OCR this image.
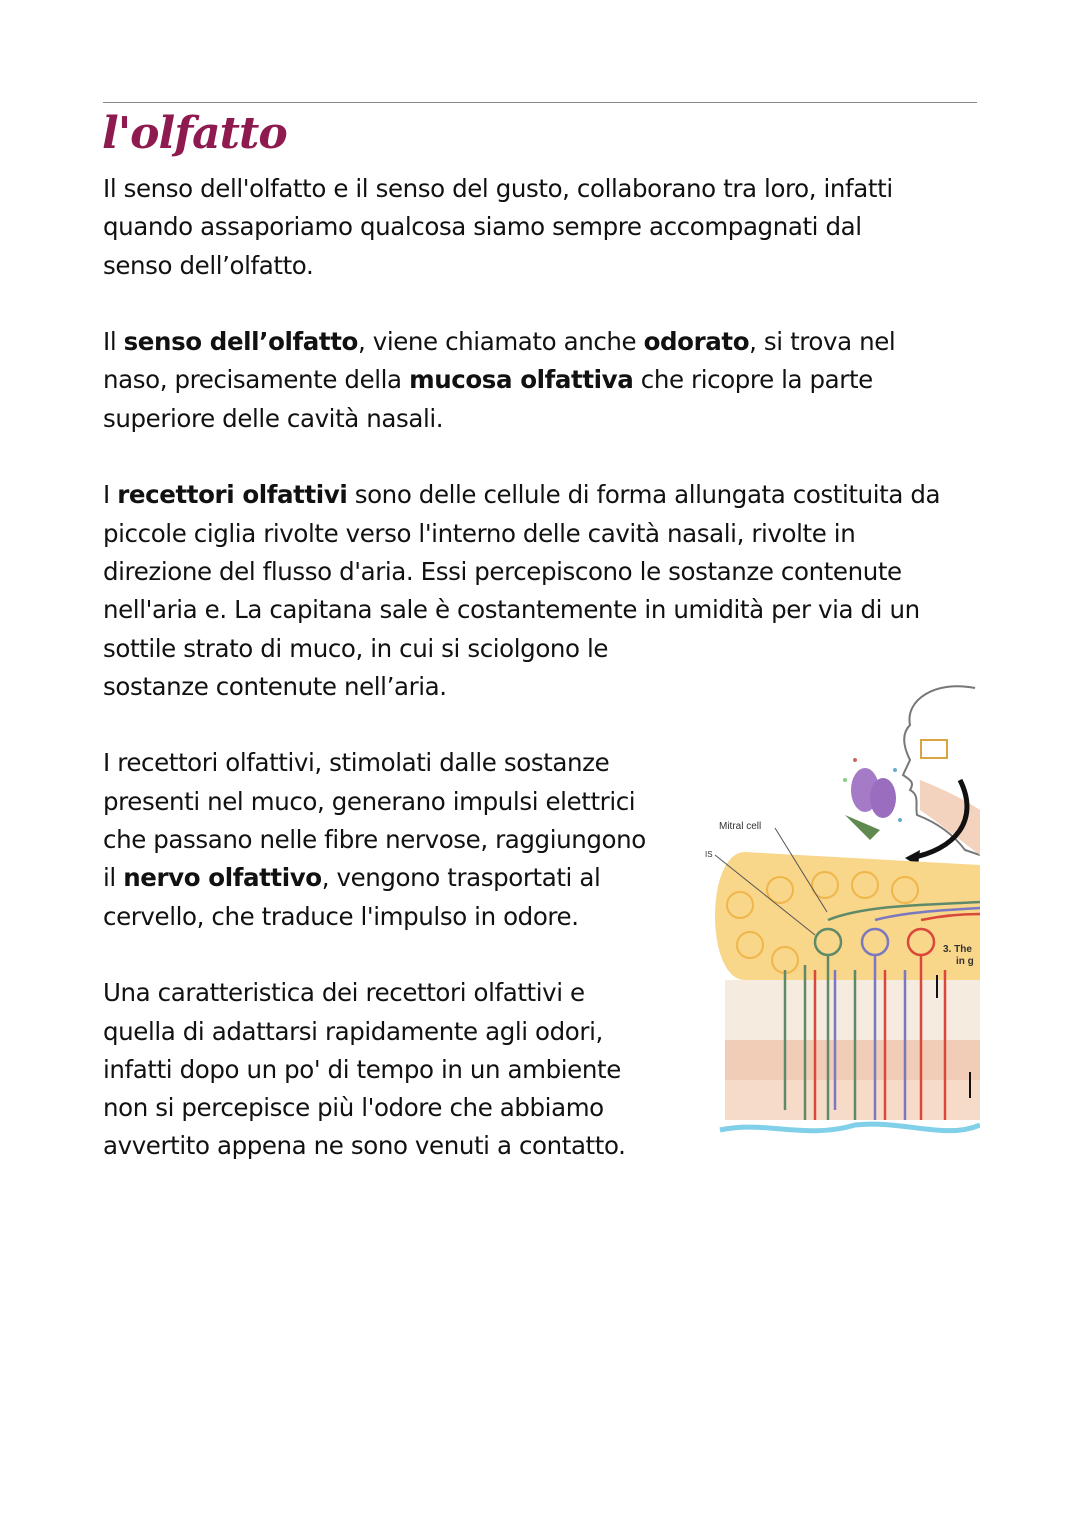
l'olfatto
Il senso dell'olfatto e il senso del gusto, collaborano tra loro, infatti
quando assaporiamo qualcosa siamo sempre accompagnati dal
senso dell’olfatto.
Il senso dell’olfatto, viene chiamato anche odorato, si trova nel
naso, precisamente della mucosa olfattiva che ricopre la parte
superiore delle cavità nasali.
I recettori olfattivi sono delle cellule di forma allungata costituita da
piccole ciglia rivolte verso l'interno delle cavità nasali, rivolte in
direzione del flusso d'aria. Essi percepiscono le sostanze contenute
nell'aria e. La capitana sale è costantemente in umidità per via di un
sottile strato di muco, in cui si sciolgono le
sostanze contenute nell’aria.
I recettori olfattivi, stimolati dalle sostanze
presenti nel muco, generano impulsi elettrici
che passano nelle fibre nervose, raggiungono
il nervo olfattivo, vengono trasportati al
cervello, che traduce l'impulso in odore.
Una caratteristica dei recettori olfattivi e
quella di adattarsi rapidamente agli odori,
infatti dopo un po' di tempo in un ambiente
non si percepisce più l'odore che abbiamo
avvertito appena ne sono venuti a contatto.
Mitral cell
IS
3. The
in g
